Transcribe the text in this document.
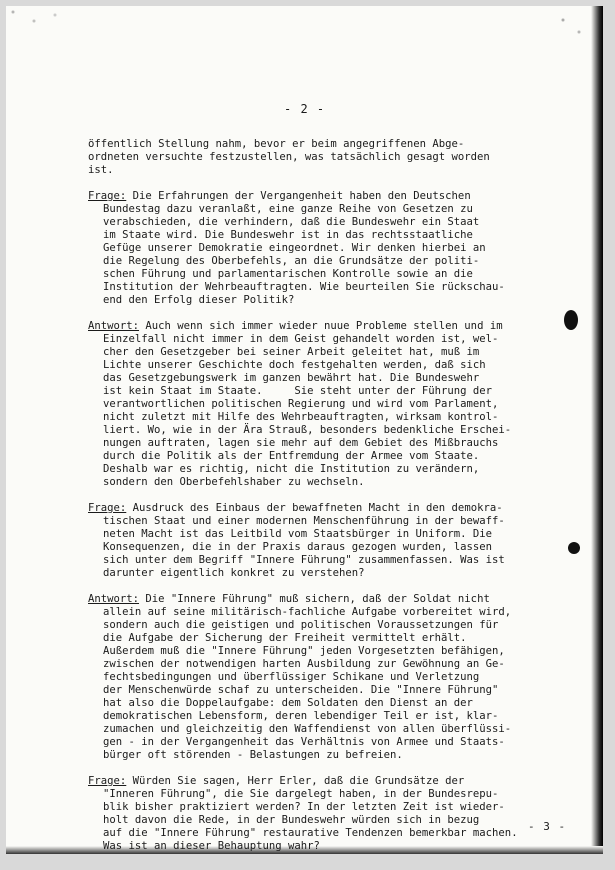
- 2 -
öffentlich Stellung nahm, bevor er beim angegriffenen Abge-
ordneten versuchte festzustellen, was tatsächlich gesagt worden
ist.
Frage: Die Erfahrungen der Vergangenheit haben den Deutschen
Bundestag dazu veranlaßt, eine ganze Reihe von Gesetzen zu
verabschieden, die verhindern, daß die Bundeswehr ein Staat
im Staate wird. Die Bundeswehr ist in das rechtsstaatliche
Gefüge unserer Demokratie eingeordnet. Wir denken hierbei an
die Regelung des Oberbefehls, an die Grundsätze der politi-
schen Führung und parlamentarischen Kontrolle sowie an die
Institution der Wehrbeauftragten. Wie beurteilen Sie rückschau-
end den Erfolg dieser Politik?
Antwort: Auch wenn sich immer wieder nuue Probleme stellen und im
Einzelfall nicht immer in dem Geist gehandelt worden ist, wel-
cher den Gesetzgeber bei seiner Arbeit geleitet hat, muß im
Lichte unserer Geschichte doch festgehalten werden, daß sich
das Gesetzgebungswerk im ganzen bewährt hat. Die Bundeswehr
ist kein Staat im Staate.     Sie steht unter der Führung der
verantwortlichen politischen Regierung und wird vom Parlament,
nicht zuletzt mit Hilfe des Wehrbeauftragten, wirksam kontrol-
liert. Wo, wie in der Ära Strauß, besonders bedenkliche Erschei-
nungen auftraten, lagen sie mehr auf dem Gebiet des Mißbrauchs
durch die Politik als der Entfremdung der Armee vom Staate.
Deshalb war es richtig, nicht die Institution zu verändern,
sondern den Oberbefehlshaber zu wechseln.
Frage: Ausdruck des Einbaus der bewaffneten Macht in den demokra-
tischen Staat und einer modernen Menschenführung in der bewaff-
neten Macht ist das Leitbild vom Staatsbürger in Uniform. Die
Konsequenzen, die in der Praxis daraus gezogen wurden, lassen
sich unter dem Begriff "Innere Führung" zusammenfassen. Was ist
darunter eigentlich konkret zu verstehen?
Antwort: Die "Innere Führung" muß sichern, daß der Soldat nicht
allein auf seine militärisch-fachliche Aufgabe vorbereitet wird,
sondern auch die geistigen und politischen Voraussetzungen für
die Aufgabe der Sicherung der Freiheit vermittelt erhält.
Außerdem muß die "Innere Führung" jeden Vorgesetzten befähigen,
zwischen der notwendigen harten Ausbildung zur Gewöhnung an Ge-
fechtsbedingungen und überflüssiger Schikane und Verletzung
der Menschenwürde schaf zu unterscheiden. Die "Innere Führung"
hat also die Doppelaufgabe: dem Soldaten den Dienst an der
demokratischen Lebensform, deren lebendiger Teil er ist, klar-
zumachen und gleichzeitig den Waffendienst von allen überflüssi-
gen - in der Vergangenheit das Verhältnis von Armee und Staats-
bürger oft störenden - Belastungen zu befreien.
Frage: Würden Sie sagen, Herr Erler, daß die Grundsätze der
"Inneren Führung", die Sie dargelegt haben, in der Bundesrepu-
blik bisher praktiziert werden? In der letzten Zeit ist wieder-
holt davon die Rede, in der Bundeswehr würden sich in bezug
auf die "Innere Führung" restaurative Tendenzen bemerkbar machen.
Was ist an dieser Behauptung wahr?
- 3 -
